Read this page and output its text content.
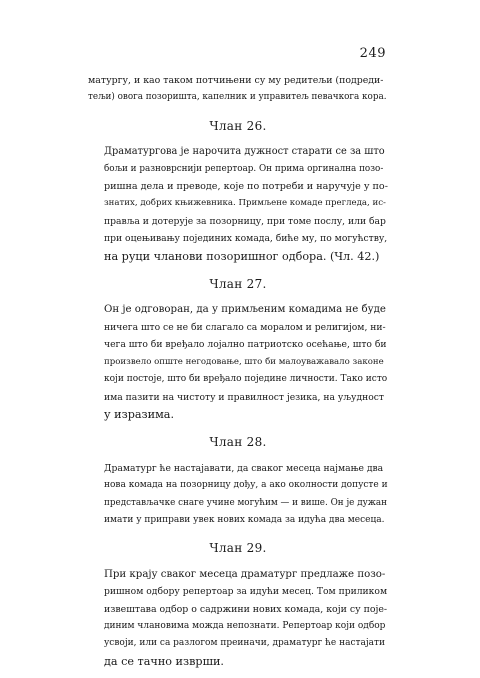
249
матургу, и као таком потчињени су му редитељи (подреди-
тељи) овога позоришта, капелник и управитељ певачкога кора.
Члан 26.
Драматургова је нарочита дужност старати се за што
бољи и разноврснији репертоар. Он прима оргинална позо-
ришна дела и преводе, које по потреби и наручује у по-
знатих, добрих књижевника. Примљене комаде прегледа, ис-
правља и дотерује за позорницу, при томе послу, или бар
при оцењивању појединих комада, биће му, по могућству,
на руци чланови позоришног одбора. (Чл. 42.)
Члан 27.
Он је одговоран, да у примљеним комадима не буде
ничега што се не би слагало са моралом и религијом, ни-
чега што би вређало лојално патриотско осећање, што би
произвело опште негодовање, што би малоуважавало законе
који постоје, што би вређало поједине личности. Тако исто
има пазити на чистоту и правилност језика, на уљудност
у изразима.
Члан 28.
Драматург ће настајавати, да сваког месеца најмање два
нова комада на позорницу дођу, а ако околности допусте и
представљачке снаге учине могућим — и више. Он је дужан
имати у приправи увек нових комада за идућа два месеца.
Члан 29.
При крају сваког месеца драматург предлаже позо-
ришном одбору репертоар за идући месец. Том приликом
извештава одбор о садржини нових комада, који су поје-
диним члановима можда непознати. Репертоар који одбор
усвоји, или са разлогом преиначи, драматург ће настајати
да се тачно изврши.
